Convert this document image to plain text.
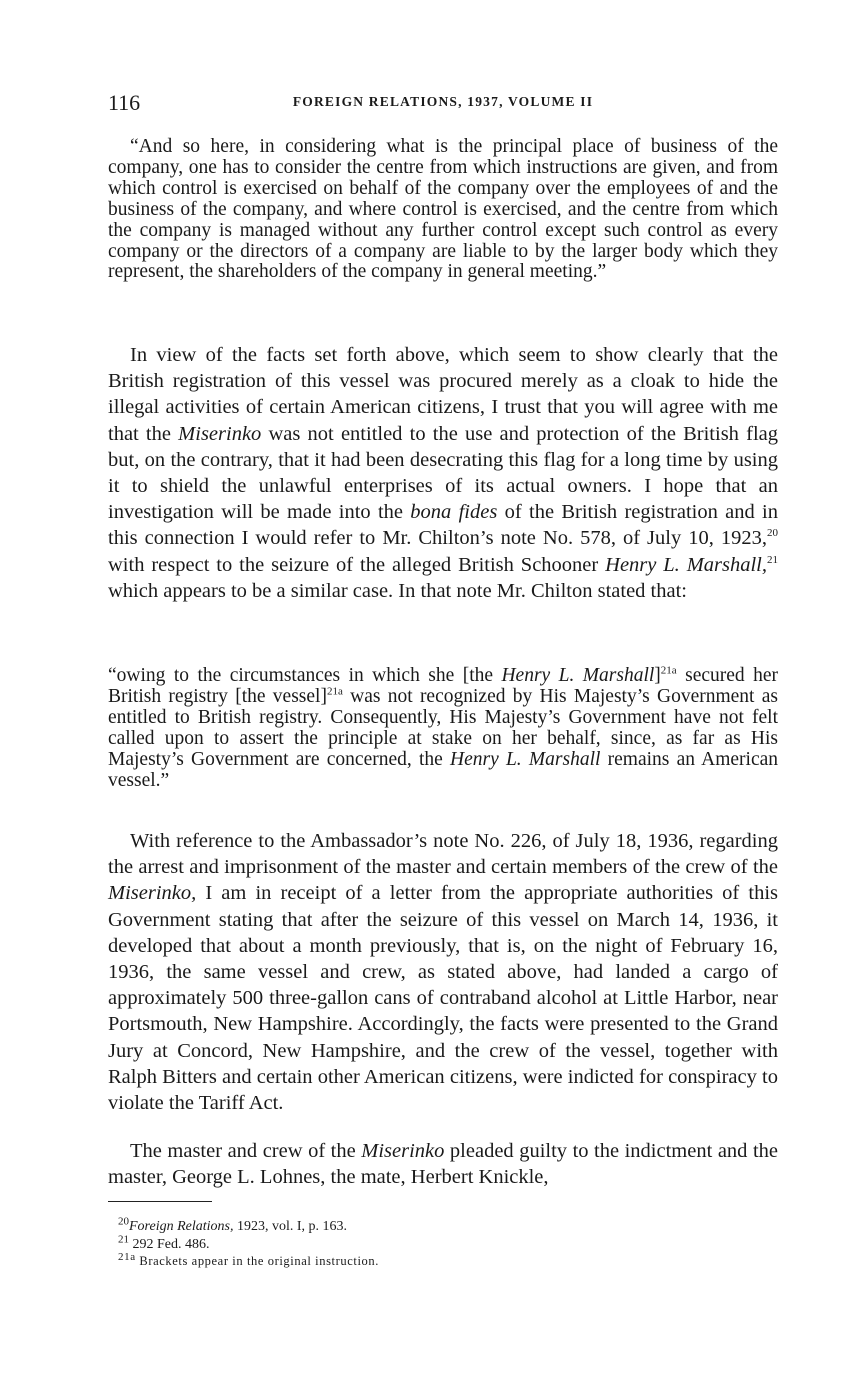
116	FOREIGN RELATIONS, 1937, VOLUME II

“And so here, in considering what is the principal place of business of the company, one has to consider the centre from which instructions are given, and from which control is exercised on behalf of the company over the employees of and the business of the company, and where control is exercised, and the centre from which the company is managed without any further control except such control as every company or the directors of a company are liable to by the larger body which they represent, the shareholders of the company in general meeting.”

In view of the facts set forth above, which seem to show clearly that the British registration of this vessel was procured merely as a cloak to hide the illegal activities of certain American citizens, I trust that you will agree with me that the Miserinko was not entitled to the use and protection of the British flag but, on the contrary, that it had been desecrating this flag for a long time by using it to shield the unlawful enterprises of its actual owners. I hope that an investigation will be made into the bona fides of the British registration and in this connection I would refer to Mr. Chilton’s note No. 578, of July 10, 1923,20 with respect to the seizure of the alleged British Schooner Henry L. Marshall,$^{21}$ which appears to be a similar case. In that note Mr. Chilton stated that:

“owing to the circumstances in which she [the Henry L. Marshall]$^{21a}$ secured her British registry [the vessel]$^{21a}$ was not recognized by His Majesty’s Government as entitled to British registry. Consequently, His Majesty’s Government have not felt called upon to assert the principle at stake on her behalf, since, as far as His Majesty’s Government are concerned, the Henry L. Marshall remains an American vessel.”

With reference to the Ambassador’s note No. 226, of July 18, 1936, regarding the arrest and imprisonment of the master and certain members of the crew of the Miserinko, I am in receipt of a letter from the appropriate authorities of this Government stating that after the seizure of this vessel on March 14, 1936, it developed that about a month previously, that is, on the night of February 16, 1936, the same vessel and crew, as stated above, had landed a cargo of approximately 500 three-gallon cans of contraband alcohol at Little Harbor, near Portsmouth, New Hampshire. Accordingly, the facts were presented to the Grand Jury at Concord, New Hampshire, and the crew of the vessel, together with Ralph Bitters and certain other American citizens, were indicted for conspiracy to violate the Tariff Act.

The master and crew of the Miserinko pleaded guilty to the indictment and the master, George L. Lohnes, the mate, Herbert Knickle,

$^{20}$Foreign Relations, 1923, vol. I, p. 163.
$^{21}$ 292 Fed. 486.
$^{21a}$ Brackets appear in the original instruction.
